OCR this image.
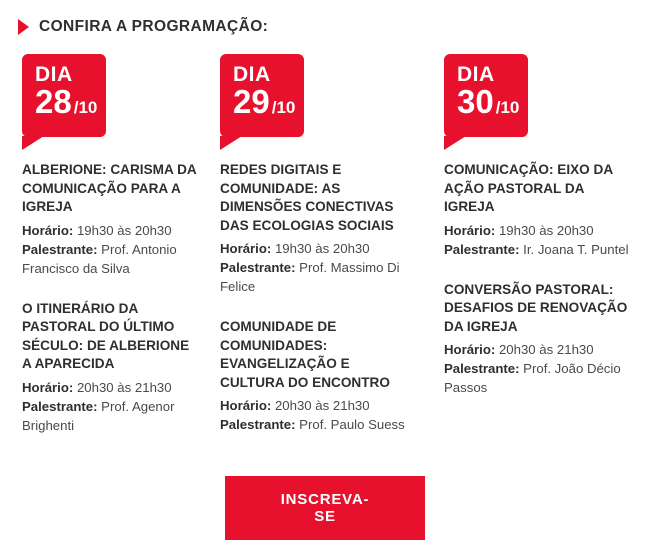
CONFIRA A PROGRAMAÇÃO:
DIA
28 /10
ALBERIONE: CARISMA DA COMUNICAÇÃO PARA A IGREJA
Horário: 19h30 às 20h30
Palestrante: Prof. Antonio Francisco da Silva
O ITINERÁRIO DA PASTORAL DO ÚLTIMO SÉCULO: DE ALBERIONE A APARECIDA
Horário: 20h30 às 21h30
Palestrante: Prof. Agenor Brighenti
DIA
29 /10
REDES DIGITAIS E COMUNIDADE: AS DIMENSÕES CONECTIVAS DAS ECOLOGIAS SOCIAIS
Horário: 19h30 às 20h30
Palestrante: Prof. Massimo Di Felice
COMUNIDADE DE COMUNIDADES: EVANGELIZAÇÃO E CULTURA DO ENCONTRO
Horário: 20h30 às 21h30
Palestrante: Prof. Paulo Suess
DIA
30 /10
COMUNICAÇÃO: EIXO DA AÇÃO PASTORAL DA IGREJA
Horário: 19h30 às 20h30
Palestrante: Ir. Joana T. Puntel
CONVERSÃO PASTORAL: DESAFIOS DE RENOVAÇÃO DA IGREJA
Horário: 20h30 às 21h30
Palestrante: Prof. João Décio Passos
INSCREVA-SE
